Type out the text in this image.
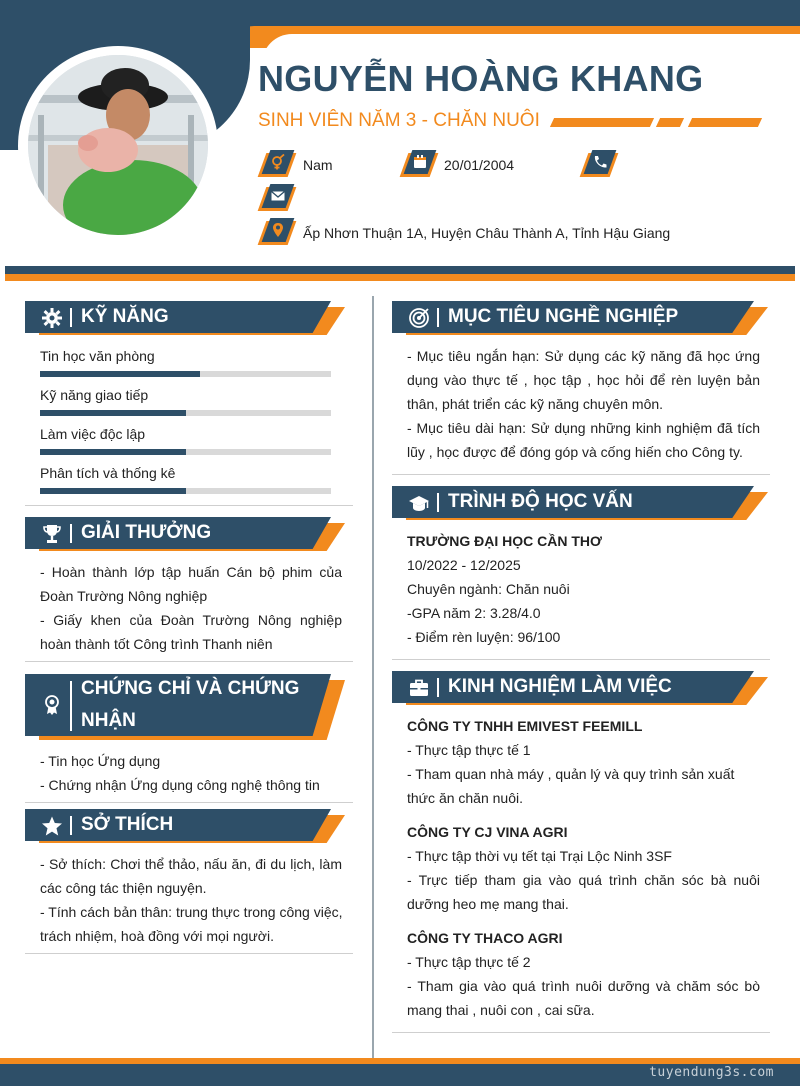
NGUYỄN HOÀNG KHANG
SINH VIÊN NĂM 3 - CHĂN NUÔI
Nam	20/01/2004
Ấp Nhơn Thuận 1A, Huyện Châu Thành A, Tỉnh Hậu Giang
KỸ NĂNG
Tin học văn phòng
Kỹ năng giao tiếp
Làm việc độc lập
Phân tích và thống kê
GIẢI THƯỞNG
- Hoàn thành lớp tập huấn Cán bộ phim của Đoàn Trường Nông nghiệp
- Giấy khen của Đoàn Trường Nông nghiệp hoàn thành tốt Công trình Thanh niên
CHỨNG CHỈ VÀ CHỨNG
NHẬN
- Tin học Ứng dụng
- Chứng nhận Ứng dụng công nghệ thông tin
SỞ THÍCH
- Sở thích: Chơi thể thảo, nấu ăn, đi du lịch, làm các công tác thiện nguyện.
- Tính cách bản thân: trung thực trong công việc, trách nhiệm, hoà đồng với mọi người.
MỤC TIÊU NGHỀ NGHIỆP
- Mục tiêu ngắn hạn: Sử dụng các kỹ năng đã học ứng dụng vào thực tế , học tập , học hỏi để rèn luyện bản thân, phát triển các kỹ năng chuyên môn.
- Mục tiêu dài hạn: Sử dụng những kinh nghiệm đã tích lũy , học được để đóng góp và cống hiến cho Công ty.
TRÌNH ĐỘ HỌC VẤN
TRƯỜNG ĐẠI HỌC CẦN THƠ
10/2022 - 12/2025
Chuyên ngành: Chăn nuôi
-GPA năm 2: 3.28/4.0
- Điểm rèn luyện: 96/100
KINH NGHIỆM LÀM VIỆC
CÔNG TY TNHH EMIVEST FEEMILL
- Thực tập thực tế 1
- Tham quan nhà máy , quản lý và quy trình sản xuất thức ăn chăn nuôi.
CÔNG TY CJ VINA AGRI
- Thực tập thời vụ tết tại Trại Lộc Ninh 3SF
- Trực tiếp tham gia vào quá trình chăn sóc bà nuôi dưỡng heo mẹ mang thai.
CÔNG TY THACO AGRI
- Thực tập thực tế 2
- Tham gia vào quá trình nuôi dưỡng và chăm sóc bò mang thai , nuôi con , cai sữa.
tuyendung3s.com
